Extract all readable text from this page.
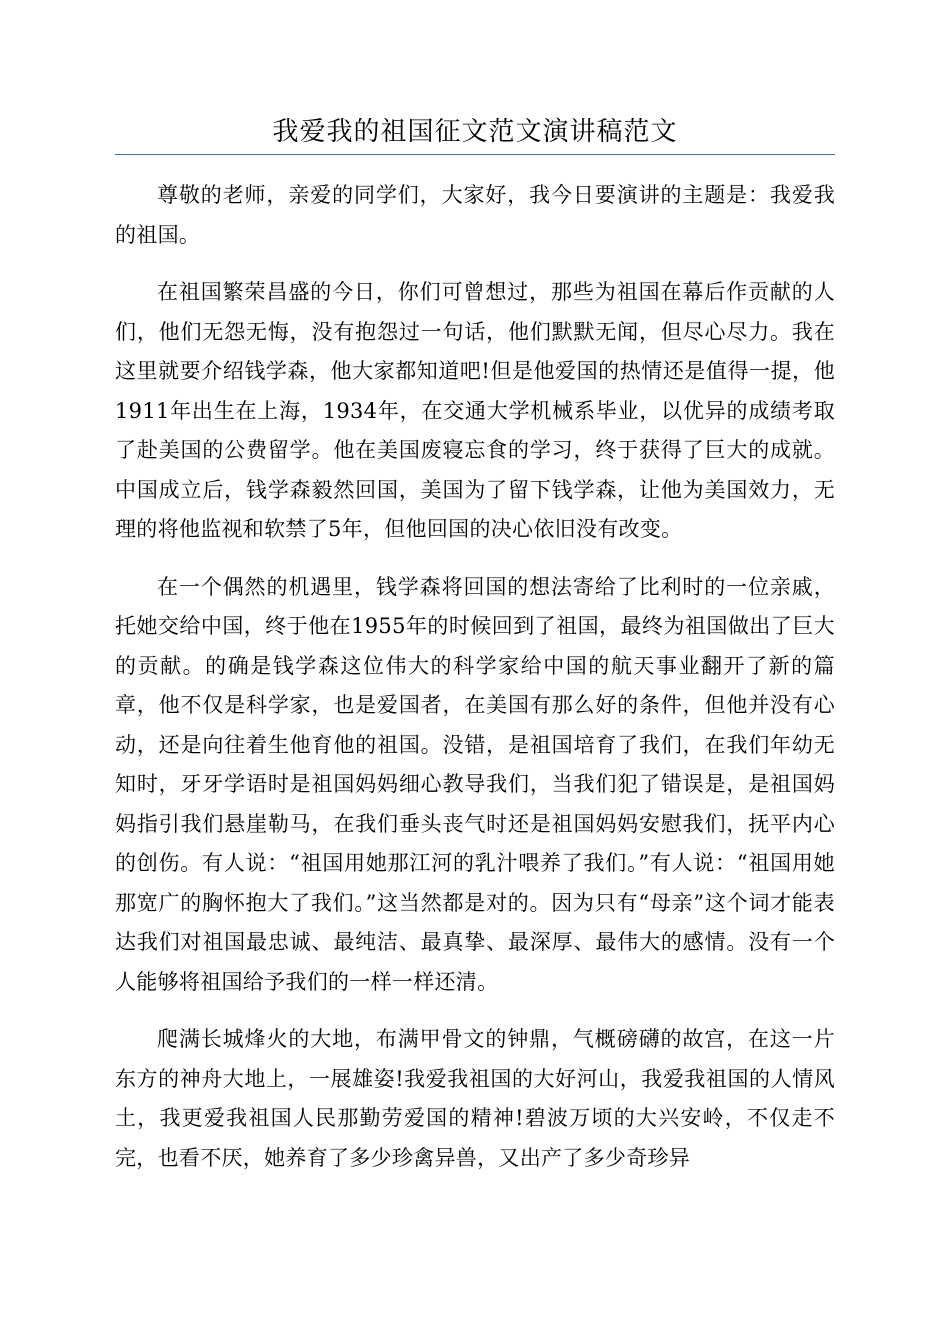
我爱我的祖国征文范文演讲稿范文

尊敬的老师，亲爱的同学们，大家好，我今日要演讲的主题是：我爱我的祖国。

在祖国繁荣昌盛的今日，你们可曾想过，那些为祖国在幕后作贡献的人们，他们无怨无悔，没有抱怨过一句话，他们默默无闻，但尽心尽力。我在这里就要介绍钱学森，他大家都知道吧!但是他爱国的热情还是值得一提，他1911年出生在上海，1934年，在交通大学机械系毕业，以优异的成绩考取了赴美国的公费留学。他在美国废寝忘食的学习，终于获得了巨大的成就。中国成立后，钱学森毅然回国，美国为了留下钱学森，让他为美国效力，无理的将他监视和软禁了5年，但他回国的决心依旧没有改变。

在一个偶然的机遇里，钱学森将回国的想法寄给了比利时的一位亲戚，托她交给中国，终于他在1955年的时候回到了祖国，最终为祖国做出了巨大的贡献。的确是钱学森这位伟大的科学家给中国的航天事业翻开了新的篇章，他不仅是科学家，也是爱国者，在美国有那么好的条件，但他并没有心动，还是向往着生他育他的祖国。没错，是祖国培育了我们，在我们年幼无知时，牙牙学语时是祖国妈妈细心教导我们，当我们犯了错误是，是祖国妈妈指引我们悬崖勒马，在我们垂头丧气时还是祖国妈妈安慰我们，抚平内心的创伤。有人说：“祖国用她那江河的乳汁喂养了我们。”有人说：“祖国用她那宽广的胸怀抱大了我们。”这当然都是对的。因为只有“母亲”这个词才能表达我们对祖国最忠诚、最纯洁、最真挚、最深厚、最伟大的感情。没有一个人能够将祖国给予我们的一样一样还清。

爬满长城烽火的大地，布满甲骨文的钟鼎，气概磅礴的故宫，在这一片东方的神舟大地上，一展雄姿!我爱我祖国的大好河山，我爱我祖国的人情风土，我更爱我祖国人民那勤劳爱国的精神!碧波万顷的大兴安岭，不仅走不完，也看不厌，她养育了多少珍禽异兽，又出产了多少奇珍异
